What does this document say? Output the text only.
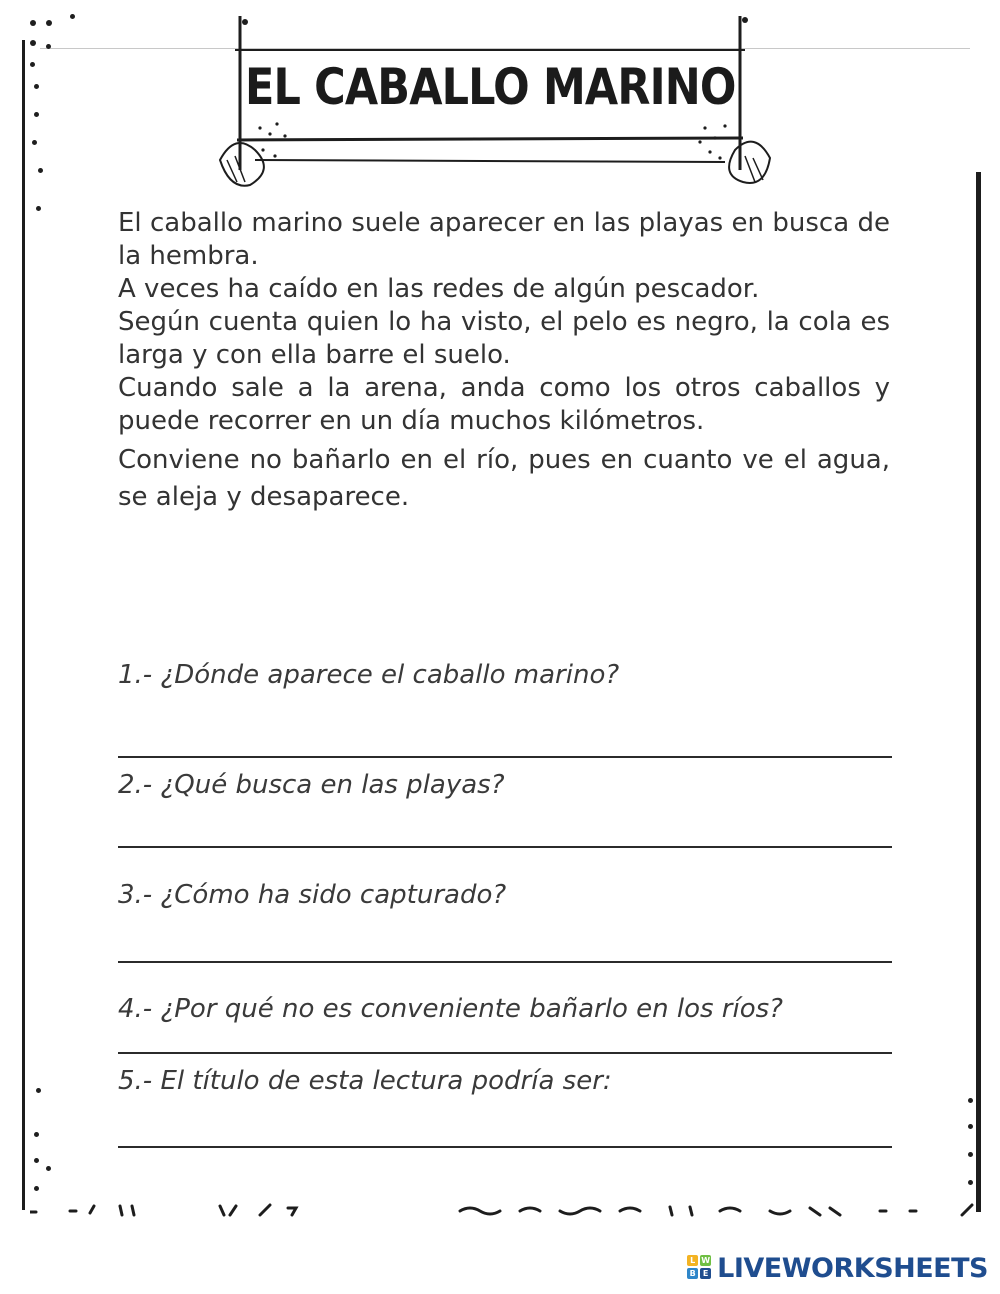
EL CABALLO MARINO

El caballo marino suele aparecer en las playas en busca de la hembra.

A veces ha caído en las redes de algún pescador.

Según cuenta quien lo ha visto, el pelo es negro, la cola es larga y con ella barre el suelo.

Cuando sale a la arena, anda como los otros caballos y puede recorrer en un día muchos kilómetros.

Conviene no bañarlo en el río, pues en cuanto ve el agua, se aleja y desaparece.

1.- ¿Dónde aparece el caballo marino?
2.- ¿Qué busca en las playas?
3.- ¿Cómo ha sido capturado?
4.- ¿Por qué no es conveniente bañarlo en los ríos?
5.- El título de esta lectura podría ser:
L W
B E LIVEWORKSHEETS
